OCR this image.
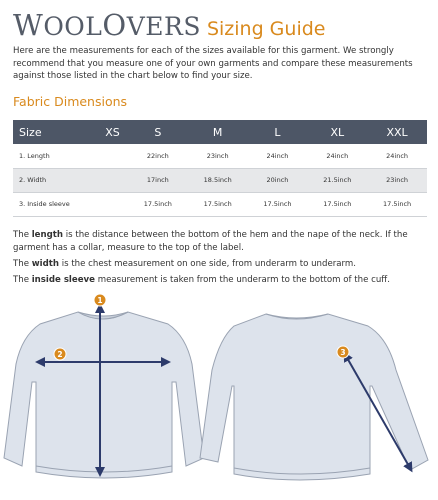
WOOLOVERS Sizing Guide
Here are the measurements for each of the sizes available for this garment. We strongly recommend that you measure one of your own garments and compare these measurements against those listed in the chart below to find your size.
Fabric Dimensions
Size	XS	S	M	L	XL	XXL
1. Length		22inch	23inch	24inch	24inch	24inch
2. Width		17inch	18.5inch	20inch	21.5inch	23inch
3. Inside sleeve		17.5inch	17.5inch	17.5inch	17.5inch	17.5inch

The length is the distance between the bottom of the hem and the nape of the neck. If the garment has a collar, measure to the top of the label.

The width is the chest measurement on one side, from underarm to underarm.

The inside sleeve measurement is taken from the underarm to the bottom of the cuff.

1
2	3
